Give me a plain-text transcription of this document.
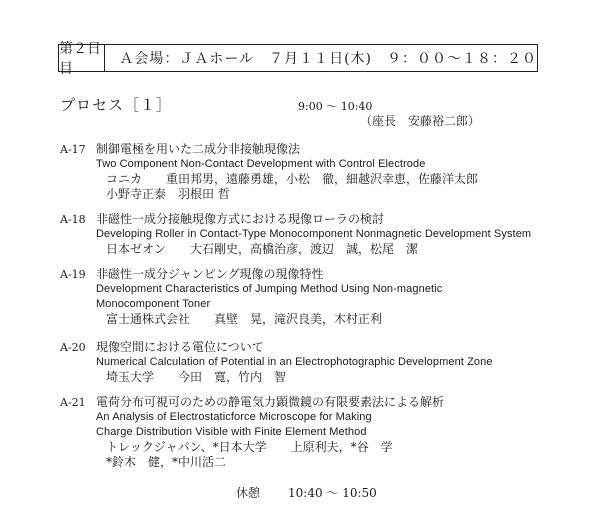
第２日目
Ａ会場：ＪＡホール　７月１１日(木)　９：００～１８：２０
プロセス［１］	9:00 ～ 10:40
（座長　安藤裕二郎）
A-17 制御電極を用いた二成分非接触現像法
Two Component Non-Contact Development with Control Electrode
コニカ　　重田邦男，遠藤勇雄，小松　徹，細越沢幸恵，佐藤洋太郎
小野寺正泰　羽根田 哲
A-18 非磁性一成分接触現像方式における現像ローラの検討
Developing Roller in Contact-Type Monocomponent Nonmagnetic Development System
日本ゼオン　　大石剛史，高橋治彦，渡辺　誠，松尾　潔
A-19 非磁性一成分ジャンピング現像の現像特性
Development Characteristics of Jumping Method Using Non-magnetic
Monocomponent Toner
富士通株式会社　　真壁　晃，滝沢良美，木村正利
A-20 現像空間における電位について
Numerical Calculation of Potential in an Electrophotographic Development Zone
埼玉大学　　今田　寛，竹内　智
A-21 電荷分布可視可のための静電気力顕微鏡の有限要素法による解析
An Analysis of Electrostaticforce Microscope for Making
Charge Distribution Visible with Finite Element Method
トレックジャパン、*日本大学　　上原利夫，*谷　学
*鈴木　健，*中川活二
休憩 10:40 ～ 10:50
